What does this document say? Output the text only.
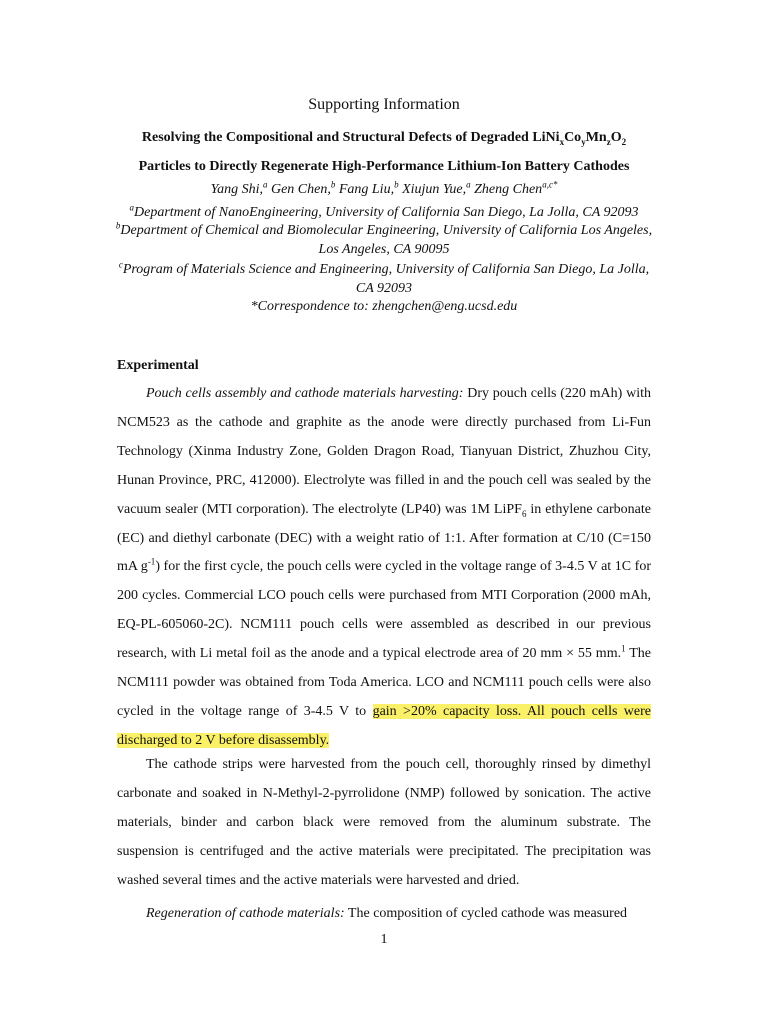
Supporting Information
Resolving the Compositional and Structural Defects of Degraded $LiNi_xCo_yMn_zO_2$
Particles to Directly Regenerate High-Performance Lithium-Ion Battery Cathodes
Yang Shi,$^a$ Gen Chen,$^b$ Fang Liu,$^b$ Xiujun Yue,$^a$ Zheng Chen$^{a,c*}$
$^a$Department of NanoEngineering, University of California San Diego, La Jolla, CA 92093
$^b$Department of Chemical and Biomolecular Engineering, University of California Los Angeles, Los Angeles, CA 90095
$^c$Program of Materials Science and Engineering, University of California San Diego, La Jolla, CA 92093
*Correspondence to: zhengchen@eng.ucsd.edu
Experimental

Pouch cells assembly and cathode materials harvesting: Dry pouch cells (220 mAh) with NCM523 as the cathode and graphite as the anode were directly purchased from Li-Fun Technology (Xinma Industry Zone, Golden Dragon Road, Tianyuan District, Zhuzhou City, Hunan Province, PRC, 412000). Electrolyte was filled in and the pouch cell was sealed by the vacuum sealer (MTI corporation). The electrolyte (LP40) was 1M LiPF$_6$ in ethylene carbonate (EC) and diethyl carbonate (DEC) with a weight ratio of 1:1. After formation at C/10 (C=150 mA $g^{-1}$) for the first cycle, the pouch cells were cycled in the voltage range of 3-4.5 V at 1C for 200 cycles. Commercial LCO pouch cells were purchased from MTI Corporation (2000 mAh, EQ-PL-605060-2C). NCM111 pouch cells were assembled as described in our previous research, with Li metal foil as the anode and a typical electrode area of 20 mm × 55 mm.$^1$ The NCM111 powder was obtained from Toda America. LCO and NCM111 pouch cells were also cycled in the voltage range of 3-4.5 V to gain >20% capacity loss. All pouch cells were discharged to 2 V before disassembly.

The cathode strips were harvested from the pouch cell, thoroughly rinsed by dimethyl carbonate and soaked in N-Methyl-2-pyrrolidone (NMP) followed by sonication. The active materials, binder and carbon black were removed from the aluminum substrate. The suspension is centrifuged and the active materials were precipitated. The precipitation was washed several times and the active materials were harvested and dried.

Regeneration of cathode materials: The composition of cycled cathode was measured

1
